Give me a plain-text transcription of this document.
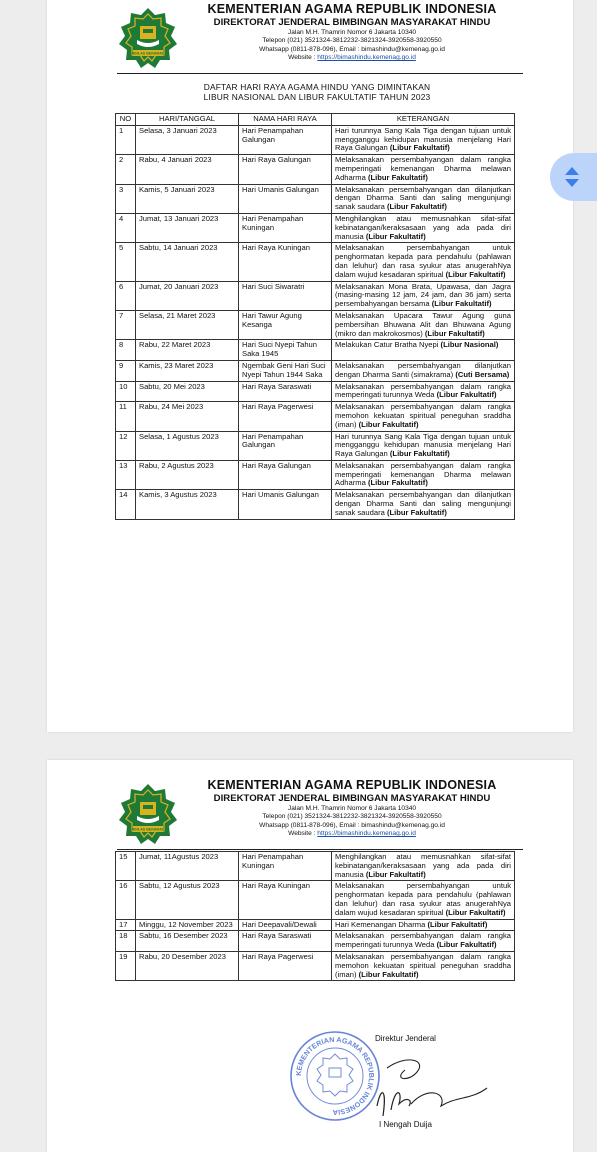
IKHLAS BERAMAL
KEMENTERIAN AGAMA REPUBLIK INDONESIA
DIREKTORAT JENDERAL BIMBINGAN MASYARAKAT HINDU
Jalan M.H. Thamrin Nomor 6 Jakarta 10340
Telepon (021) 3521324-3812232-3821324-3920558-3920550
Whatsapp (0811-878-096), Email : bimashindu@kemenag.go.id
Website : https://bimashindu.kemenag.go.id
DAFTAR HARI RAYA AGAMA HINDU YANG DIMINTAKAN
LIBUR NASIONAL DAN LIBUR FAKULTATIF TAHUN 2023
NO	HARI/TANGGAL	NAMA HARI RAYA	KETERANGAN
1	Selasa, 3 Januari 2023	Hari Penampahan Galungan	Hari turunnya Sang Kala Tiga dengan tujuan untuk mengganggu kehidupan manusia menjelang Hari Raya Galungan (Libur Fakultatif)
2	Rabu, 4 Januari 2023	Hari Raya Galungan	Melaksanakan persembahyangan dalam rangka memperingati kemenangan Dharma melawan Adharma (Libur Fakultatif)
3	Kamis, 5 Januari 2023	Hari Umanis Galungan	Melaksanakan persembahyangan dan dilanjutkan dengan Dharma Santi dan saling mengunjungi sanak saudara (Libur Fakultatif)
4	Jumat, 13 Januari 2023	Hari Penampahan Kuningan	Menghilangkan atau memusnahkan sifat-sifat kebinatangan/keraksasaan yang ada pada diri manusia (Libur Fakultatif)
5	Sabtu, 14 Januari 2023	Hari Raya Kuningan	Melaksanakan persembahyangan untuk penghormatan kepada para pendahulu (pahlawan dan leluhur) dan rasa syukur atas anugerahNya dalam wujud kesadaran spiritual (Libur Fakultatif)
6	Jumat, 20 Januari 2023	Hari Suci Siwaratri	Melaksanakan Mona Brata, Upawasa, dan Jagra (masing-masing 12 jam, 24 jam, dan 36 jam) serta persembahyangan bersama (Libur Fakultatif)
7	Selasa, 21 Maret 2023	Hari Tawur Agung Kesanga	Melaksanakan Upacara Tawur Agung guna pembersihan Bhuwana Alit dan Bhuwana Agung (mikro dan makrokosmos) (Libur Fakultatif)
8	Rabu, 22 Maret 2023	Hari Suci Nyepi Tahun Saka 1945	Melakukan Catur Bratha Nyepi (Libur Nasional)
9	Kamis, 23 Maret 2023	Ngembak Geni Hari Suci Nyepi Tahun 1944 Saka	Melaksanakan persembahyangan dilanjutkan dengan Dharma Santi (simakrama) (Cuti Bersama)
10	Sabtu, 20 Mei 2023	Hari Raya Saraswati	Melaksanakan persembahyangan dalam rangka memperingati turunnya Weda (Libur Fakultatif)
11	Rabu, 24 Mei 2023	Hari Raya Pagerwesi	Melaksanakan persembahyangan dalam rangka memohon kekuatan spiritual peneguhan sraddha (iman) (Libur Fakultatif)
12	Selasa, 1 Agustus 2023	Hari Penampahan Galungan	Hari turunnya Sang Kala Tiga dengan tujuan untuk mengganggu kehidupan manusia menjelang Hari Raya Galungan (Libur Fakultatif)
13	Rabu, 2 Agustus 2023	Hari Raya Galungan	Melaksanakan persembahyangan dalam rangka memperingati kemenangan Dharma melawan Adharma (Libur Fakultatif)
14	Kamis, 3 Agustus 2023	Hari Umanis Galungan	Melaksanakan persembahyangan dan dilanjutkan dengan Dharma Santi dan saling mengunjungi sanak saudara (Libur Fakultatif)
IKHLAS BERAMAL
KEMENTERIAN AGAMA REPUBLIK INDONESIA
DIREKTORAT JENDERAL BIMBINGAN MASYARAKAT HINDU
Jalan M.H. Thamrin Nomor 6 Jakarta 10340
Telepon (021) 3521324-3812232-3821324-3920558-3920550
Whatsapp (0811-878-096), Email : bimashindu@kemenag.go.id
Website : https://bimashindu.kemenag.go.id
15	Jumat, 11Agustus 2023	Hari Penampahan Kuningan	Menghilangkan atau memusnahkan sifat-sifat kebinatangan/keraksasaan yang ada pada diri manusia (Libur Fakultatif)
16	Sabtu, 12 Agustus 2023	Hari Raya Kuningan	Melaksanakan persembahyangan untuk penghormatan kepada para pendahulu (pahlawan dan leluhur) dan rasa syukur atas anugerahNya dalam wujud kesadaran spiritual (Libur Fakultatif)
17	Minggu, 12 November 2023	Hari Deepavali/Dewali	Hari Kemenangan Dharma (Libur Fakultatif)
18	Sabtu, 16 Desember 2023	Hari Raya Saraswati	Melaksanakan persembahyangan dalam rangka memperingati turunnya Weda (Libur Fakultatif)
19	Rabu, 20 Desember 2023	Hari Raya Pagerwesi	Melaksanakan persembahyangan dalam rangka memohon kekuatan spiritual peneguhan sraddha (iman) (Libur Fakultatif)
KEMENTERIAN AGAMA REPUBLIK INDONESIA
Direktur Jenderal
I Nengah Duija
